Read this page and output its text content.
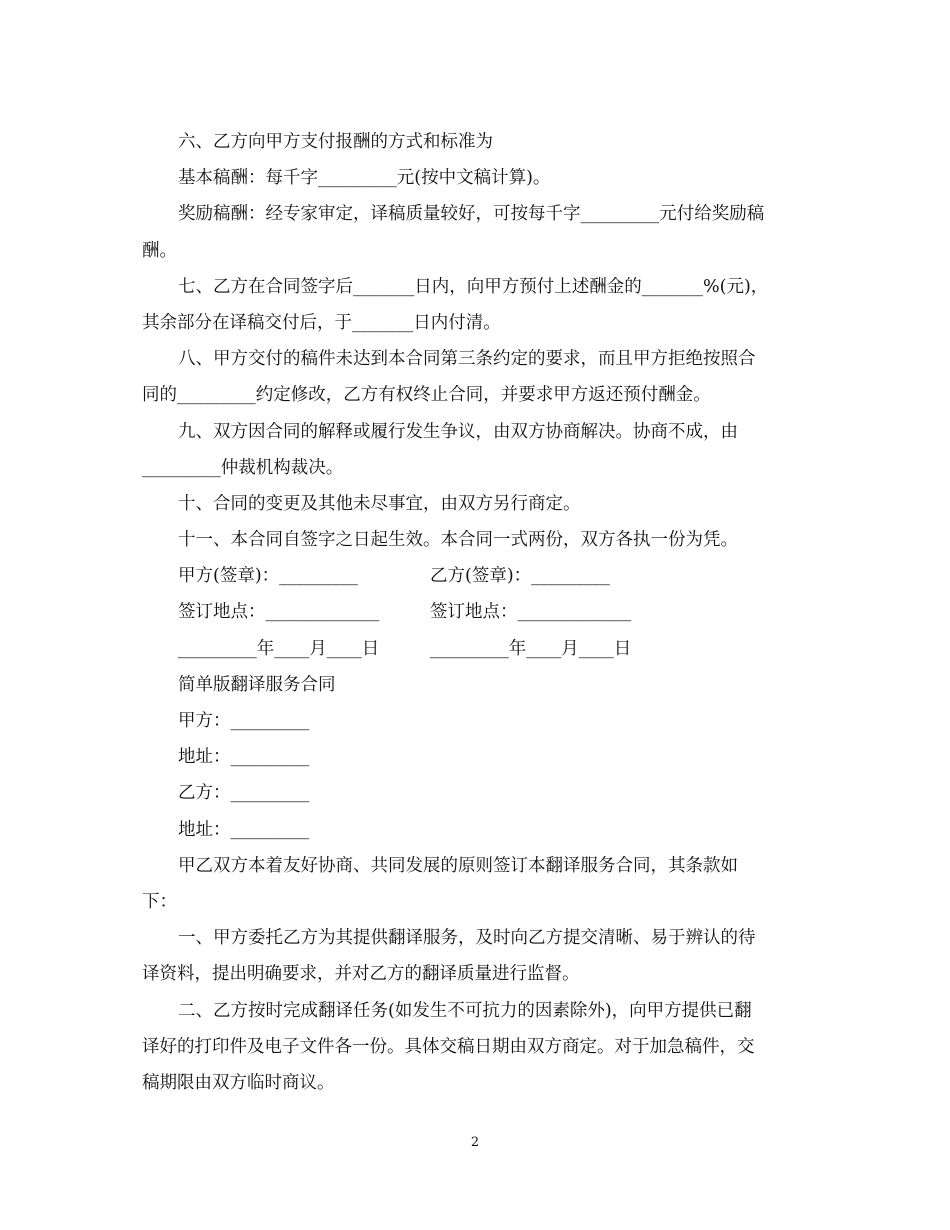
六、乙方向甲方支付报酬的方式和标准为
基本稿酬：每千字_________元(按中文稿计算)。
奖励稿酬：经专家审定，译稿质量较好，可按每千字_________元付给奖励稿
酬。
七、乙方在合同签字后_______日内，向甲方预付上述酬金的_______%(元)，
其余部分在译稿交付后，于_______日内付清。
八、甲方交付的稿件未达到本合同第三条约定的要求，而且甲方拒绝按照合
同的_________约定修改，乙方有权终止合同，并要求甲方返还预付酬金。
九、双方因合同的解释或履行发生争议，由双方协商解决。协商不成，由
_________仲裁机构裁决。
十、合同的变更及其他未尽事宜，由双方另行商定。
十一、本合同自签字之日起生效。本合同一式两份，双方各执一份为凭。
甲方(签章)：_________	乙方(签章)：_________
签订地点：_____________	签订地点：_____________
_________年____月____日	_________年____月____日
简单版翻译服务合同
甲方：_________
地址：_________
乙方：_________
地址：_________
甲乙双方本着友好协商、共同发展的原则签订本翻译服务合同，其条款如
下：
一、甲方委托乙方为其提供翻译服务，及时向乙方提交清晰、易于辨认的待
译资料，提出明确要求，并对乙方的翻译质量进行监督。
二、乙方按时完成翻译任务(如发生不可抗力的因素除外)，向甲方提供已翻
译好的打印件及电子文件各一份。具体交稿日期由双方商定。对于加急稿件，交
稿期限由双方临时商议。
2
